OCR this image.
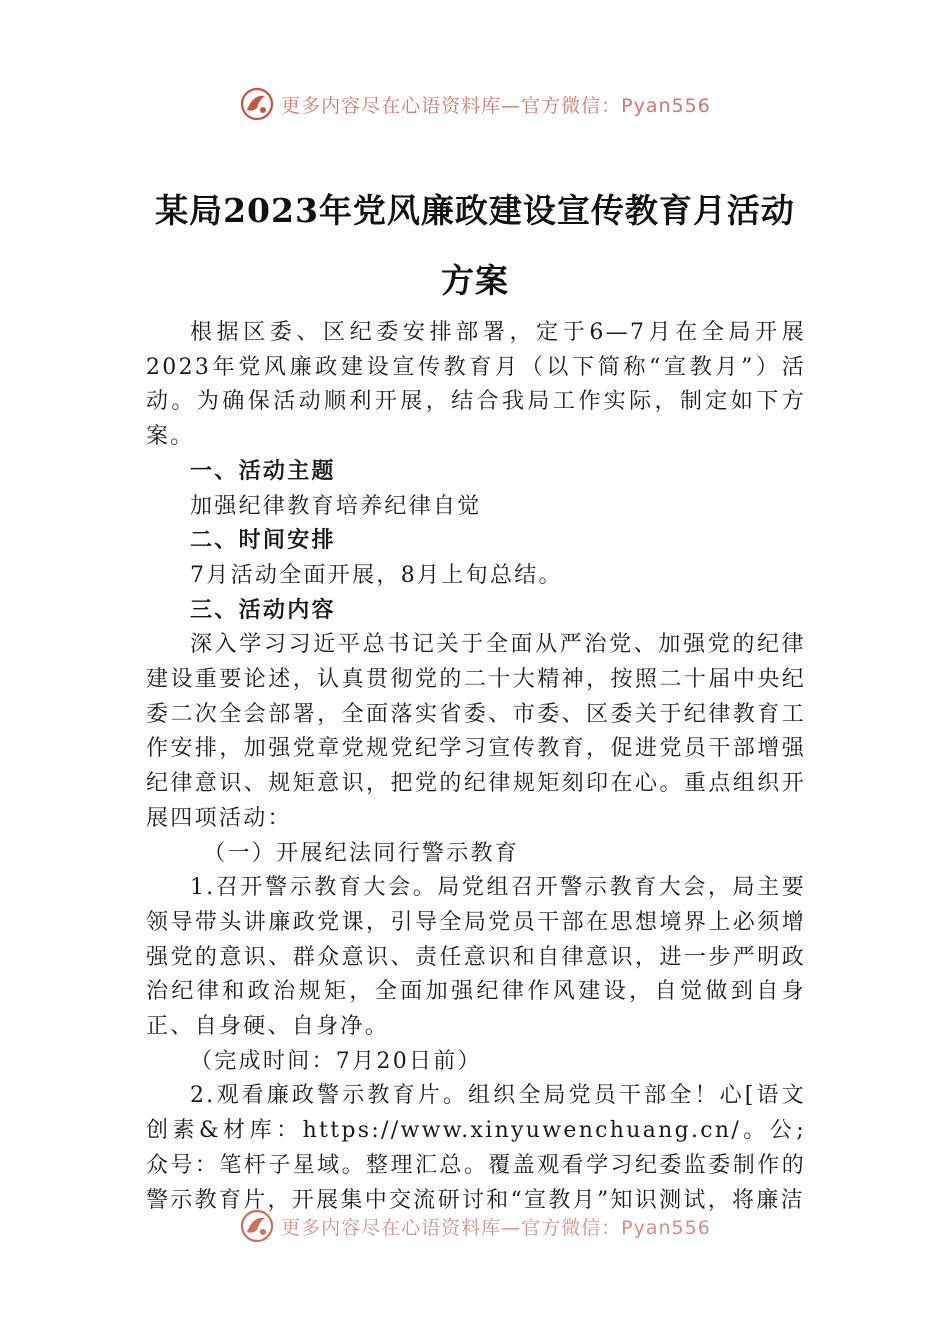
更多内容尽在心语资料库—官方微信：Pyan556
某局2023年党风廉政建设宣传教育月活动
方案

根据区委、区纪委安排部署，定于6—7月在全局开展2023年党风廉政建设宣传教育月（以下简称“宣教月”）活动。为确保活动顺利开展，结合我局工作实际，制定如下方案。

一、活动主题

加强纪律教育培养纪律自觉

二、时间安排

7月活动全面开展，8月上旬总结。

三、活动内容

深入学习习近平总书记关于全面从严治党、加强党的纪律建设重要论述，认真贯彻党的二十大精神，按照二十届中央纪委二次全会部署，全面落实省委、市委、区委关于纪律教育工作安排，加强党章党规党纪学习宣传教育，促进党员干部增强纪律意识、规矩意识，把党的纪律规矩刻印在心。重点组织开展四项活动：

（一）开展纪法同行警示教育

1.召开警示教育大会。局党组召开警示教育大会，局主要领导带头讲廉政党课，引导全局党员干部在思想境界上必须增强党的意识、群众意识、责任意识和自律意识，进一步严明政治纪律和政治规矩，全面加强纪律作风建设，自觉做到自身正、自身硬、自身净。

（完成时间：7月20日前）

2.观看廉政警示教育片。组织全局党员干部全！心[语文创素&材库：https://www.xinyuwenchuang.cn/。公;众号：笔杆子星域。整理汇总。覆盖观看学习纪委监委制作的警示教育片，开展集中交流研讨和“宣教月”知识测试，将廉洁

更多内容尽在心语资料库—官方微信：Pyan556
